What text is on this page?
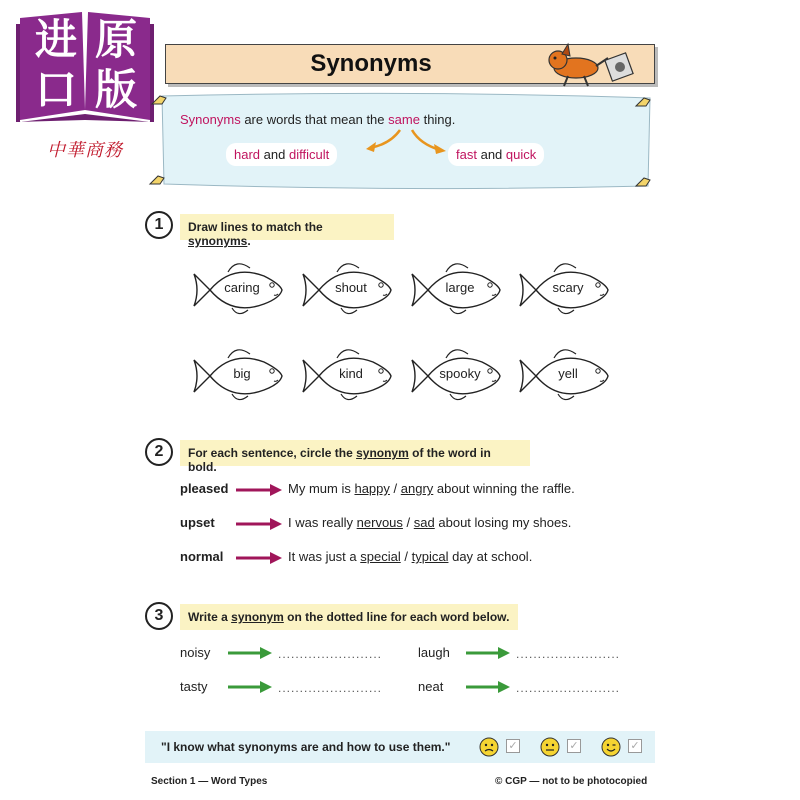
进 原
口 版
中華商務
Synonyms
Synonyms are words that mean the same thing.
hard and difficult	fast and quick
1	Draw lines to match the synonyms.
caring	shout	large	scary
big	kind	spooky	yell
2	For each sentence, circle the synonym of the word in bold.
pleased	My mum is happy / angry about winning the raffle.
upset	I was really nervous / sad about losing my shoes.
normal	It was just a special / typical day at school.
3	Write a synonym on the dotted line for each word below.
noisy	........................	laugh	........................
tasty	........................	neat	........................
"I know what synonyms are and how to use them."	✓	✓	✓
Section 1 — Word Types	© CGP — not to be photocopied
